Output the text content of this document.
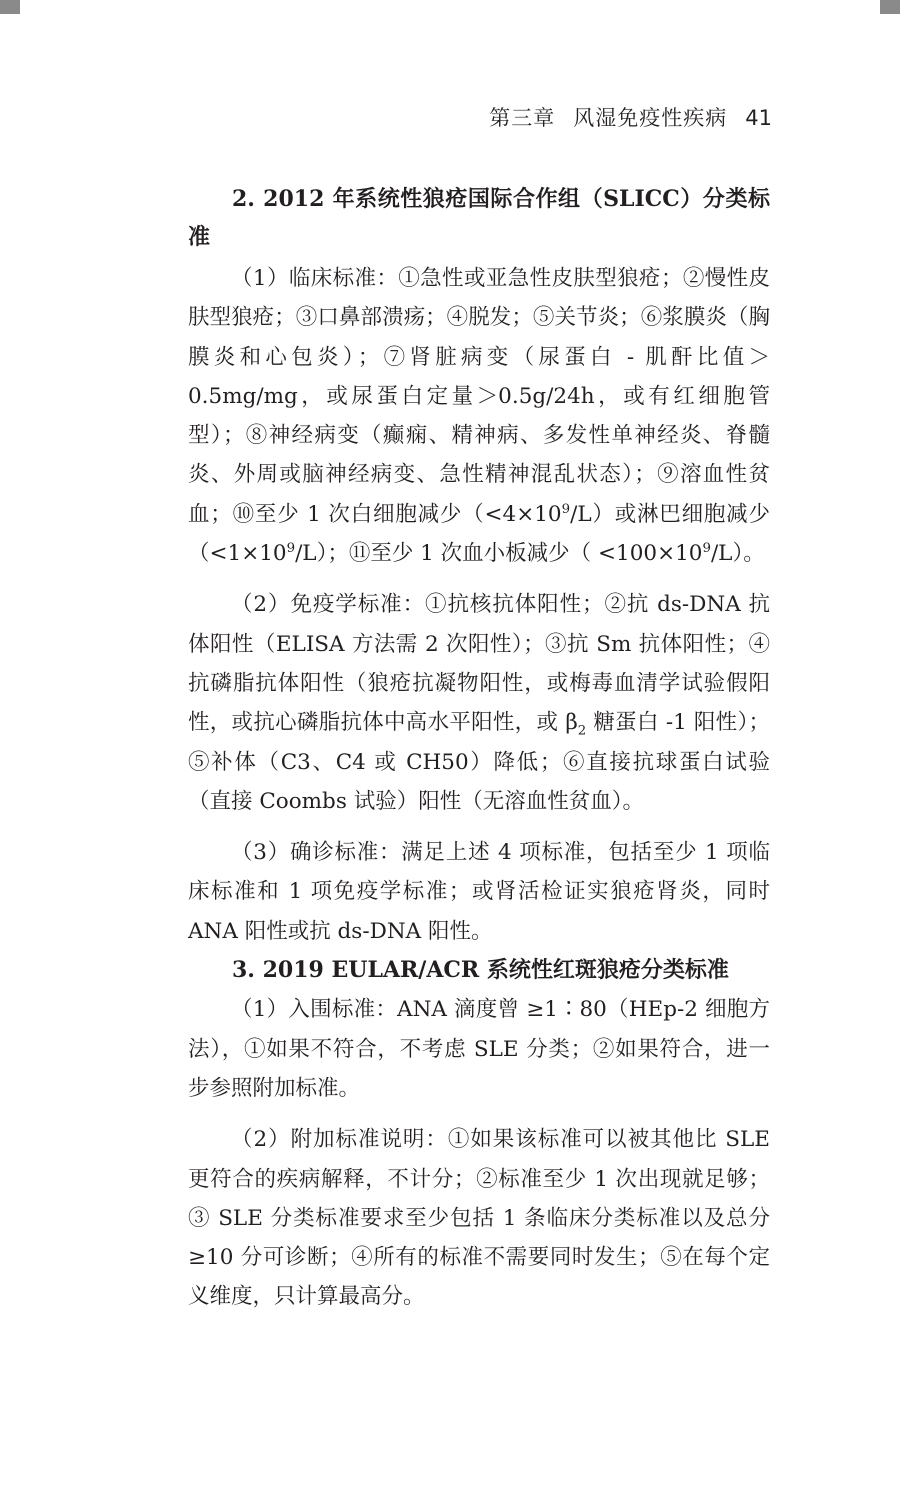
第三章 风湿免疫性疾病 41
2. 2012 年系统性狼疮国际合作组（SLICC）分类标准

（1）临床标准：①急性或亚急性皮肤型狼疮；②慢性皮肤型狼疮；③口鼻部溃疡；④脱发；⑤关节炎；⑥浆膜炎（胸膜炎和心包炎）；⑦肾脏病变（尿蛋白 - 肌酐比值＞0.5mg/mg，或尿蛋白定量＞0.5g/24h，或有红细胞管型）；⑧神经病变（癫痫、精神病、多发性单神经炎、脊髓炎、外周或脑神经病变、急性精神混乱状态）；⑨溶血性贫血；⑩至少 1 次白细胞减少$(<4\times 10^9/L)$或淋巴细胞减少$(<1\times 10^9/L)$；⑪至少 1 次血小板减少（ $<100\times 10^9/L$）。

（2）免疫学标准：①抗核抗体阳性；②抗 ds-DNA 抗体阳性（ELISA 方法需 2 次阳性）；③抗 Sm 抗体阳性；④抗磷脂抗体阳性（狼疮抗凝物阳性，或梅毒血清学试验假阳性，或抗心磷脂抗体中高水平阳性，或 $\beta_2$ 糖蛋白 -1 阳性）；⑤补体（C3、C4 或 CH50）降低；⑥直接抗球蛋白试验（直接 Coombs 试验）阳性（无溶血性贫血）。

（3）确诊标准：满足上述 4 项标准，包括至少 1 项临床标准和 1 项免疫学标准；或肾活检证实狼疮肾炎，同时 ANA 阳性或抗 ds-DNA 阳性。

3. 2019 EULAR/ACR 系统性红斑狼疮分类标准

（1）入围标准：ANA 滴度曾 ≥1∶80（HEp-2 细胞方法），①如果不符合，不考虑 SLE 分类；②如果符合，进一步参照附加标准。

（2）附加标准说明：①如果该标准可以被其他比 SLE 更符合的疾病解释，不计分；②标准至少 1 次出现就足够；③ SLE 分类标准要求至少包括 1 条临床分类标准以及总分 ≥10 分可诊断；④所有的标准不需要同时发生；⑤在每个定义维度，只计算最高分。
